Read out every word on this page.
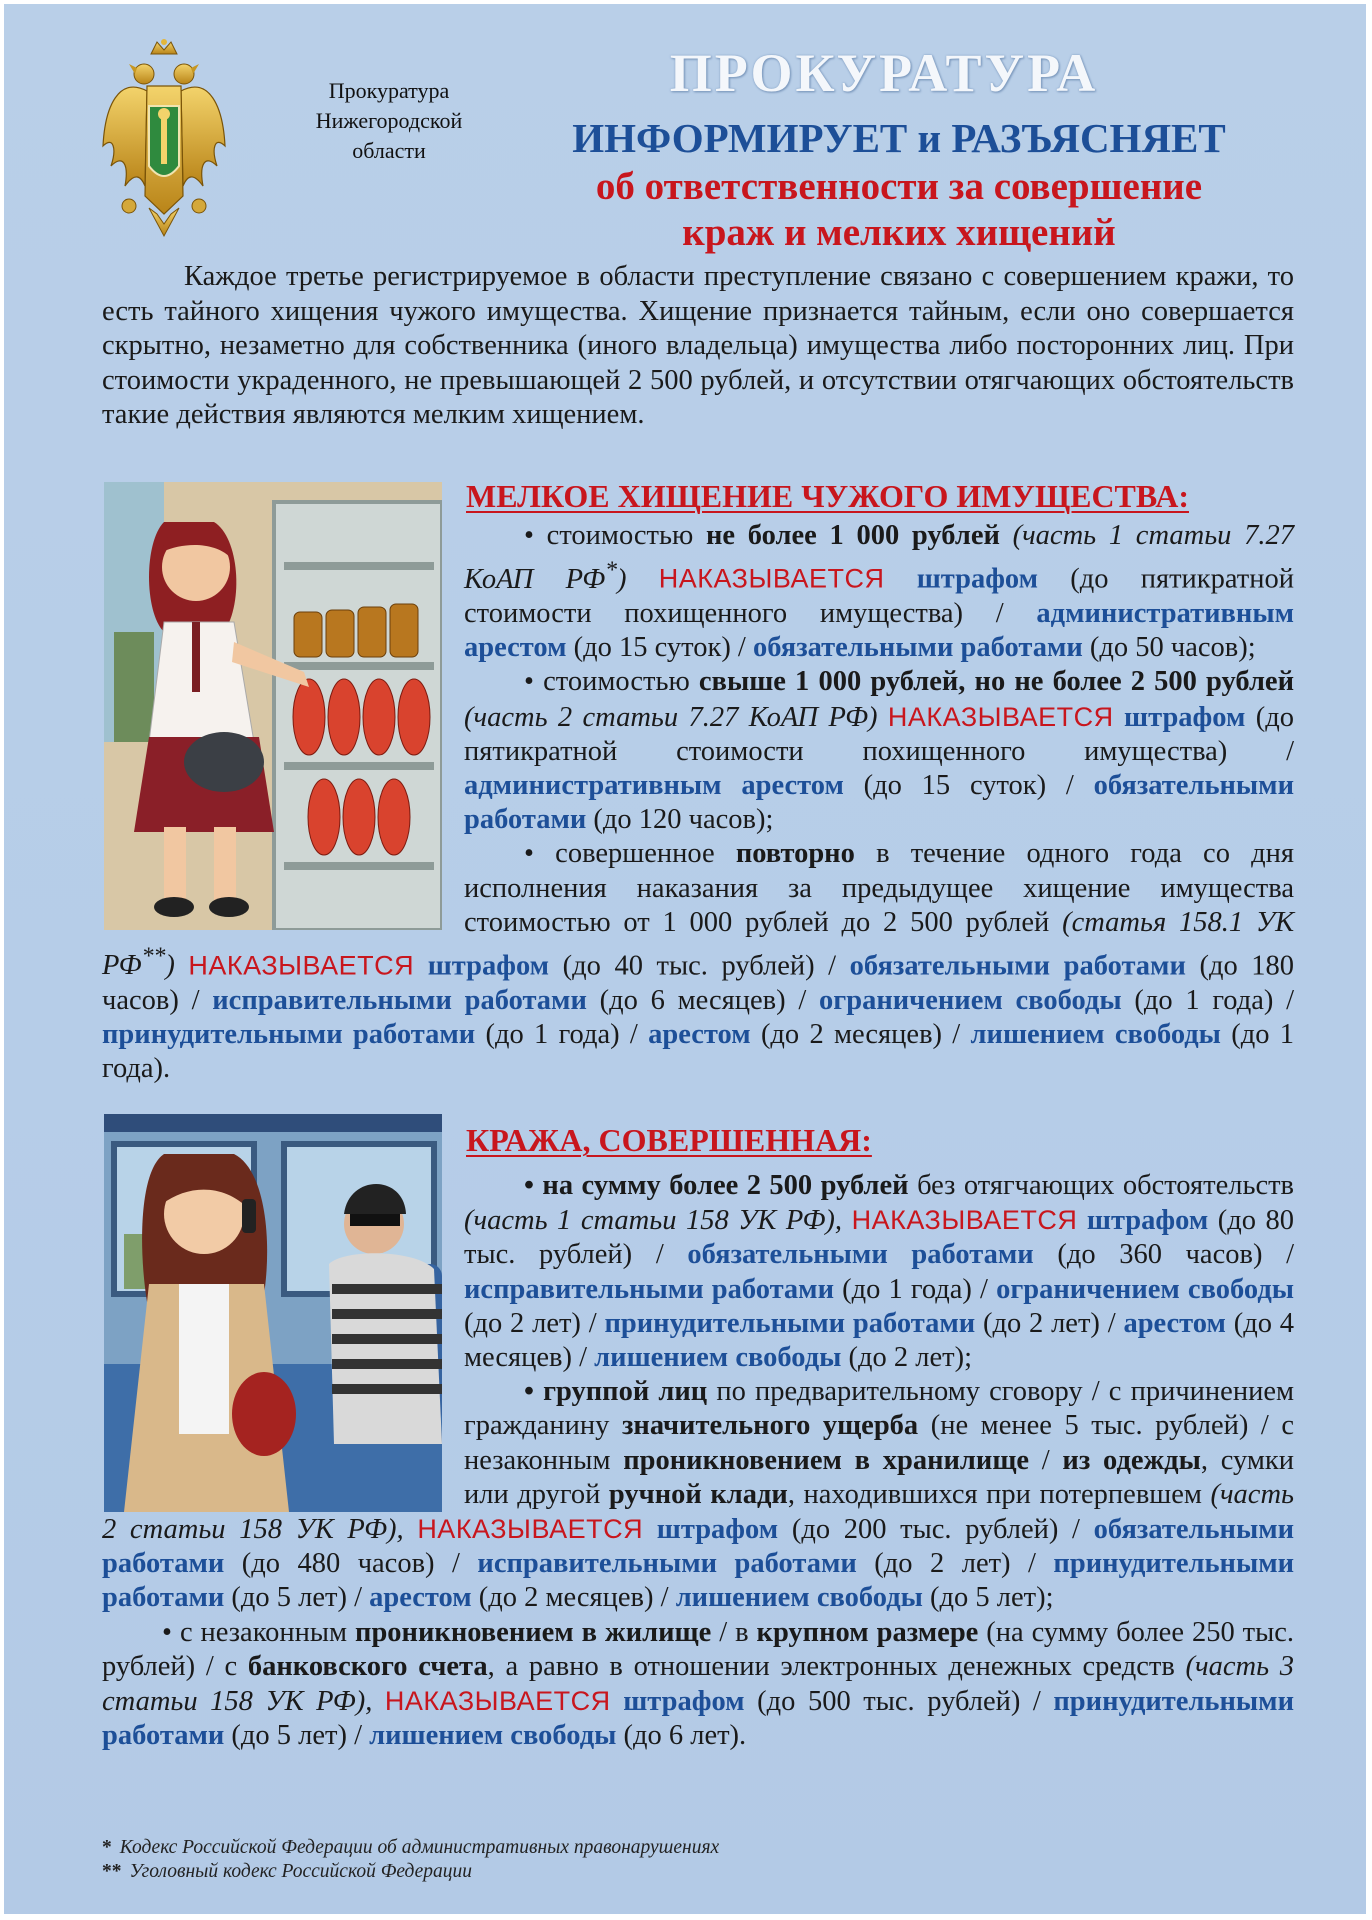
Прокуратура
Нижегородской
области
ПРОКУРАТУРА
ИНФОРМИРУЕТ и РАЗЪЯСНЯЕТ
об ответственности за совершение
краж и мелких хищений
Каждое третье регистрируемое в области преступление связано с совершением кражи, то есть тайного хищения чужого имущества. Хищение признается тайным, если оно совершается скрытно, незаметно для собственника (иного владельца) имущества либо посторонних лиц. При стоимости украденного, не превышающей 2 500 рублей, и отсутствии отягчающих обстоятельств такие действия являются мелким хищением.
МЕЛКОЕ ХИЩЕНИЕ ЧУЖОГО ИМУЩЕСТВА:

• стоимостью не более 1 000 рублей (часть 1 статьи 7.27 КоАП РФ*) НАКАЗЫВАЕТСЯ штрафом (до пятикратной стоимости похищенного имущества) / административным арестом (до 15 суток) / обязательными работами (до 50 часов);

• стоимостью свыше 1 000 рублей, но не более 2 500 рублей (часть 2 статьи 7.27 КоАП РФ) НАКАЗЫВАЕТСЯ штрафом (до пятикратной стоимости похищенного имущества) / административным арестом (до 15 суток) / обязательными работами (до 120 часов);

• совершенное повторно в течение одного года со дня исполнения наказания за предыдущее хищение имущества стоимостью от 1 000 рублей до 2 500 рублей (статья 158.1 УК РФ**) НАКАЗЫВАЕТСЯ штрафом (до 40 тыс. рублей) / обязательными работами (до 180 часов) / исправительными работами (до 6 месяцев) / ограничением свободы (до 1 года) / принудительными работами (до 1 года) / арестом (до 2 месяцев) / лишением свободы (до 1 года).

КРАЖА, СОВЕРШЕННАЯ:

• на сумму более 2 500 рублей без отягчающих обстоятельств (часть 1 статьи 158 УК РФ), НАКАЗЫВАЕТСЯ штрафом (до 80 тыс. рублей) / обязательными работами (до 360 часов) / исправительными работами (до 1 года) / ограничением свободы (до 2 лет) / принудительными работами (до 2 лет) / арестом (до 4 месяцев) / лишением свободы (до 2 лет);

• группой лиц по предварительному сговору / с причинением гражданину значительного ущерба (не менее 5 тыс. рублей) / с незаконным проникновением в хранилище / из одежды, сумки или другой ручной клади, находившихся при потерпевшем (часть 2 статьи 158 УК РФ), НАКАЗЫВАЕТСЯ штрафом (до 200 тыс. рублей) / обязательными работами (до 480 часов) / исправительными работами (до 2 лет) / принудительными работами (до 5 лет) / арестом (до 2 месяцев) / лишением свободы (до 5 лет);

• с незаконным проникновением в жилище / в крупном размере (на сумму более 250 тыс. рублей) / с банковского счета, а равно в отношении электронных денежных средств (часть 3 статьи 158 УК РФ), НАКАЗЫВАЕТСЯ штрафом (до 500 тыс. рублей) / принудительными работами (до 5 лет) / лишением свободы (до 6 лет).

* Кодекс Российской Федерации об административных правонарушениях
** Уголовный кодекс Российской Федерации
